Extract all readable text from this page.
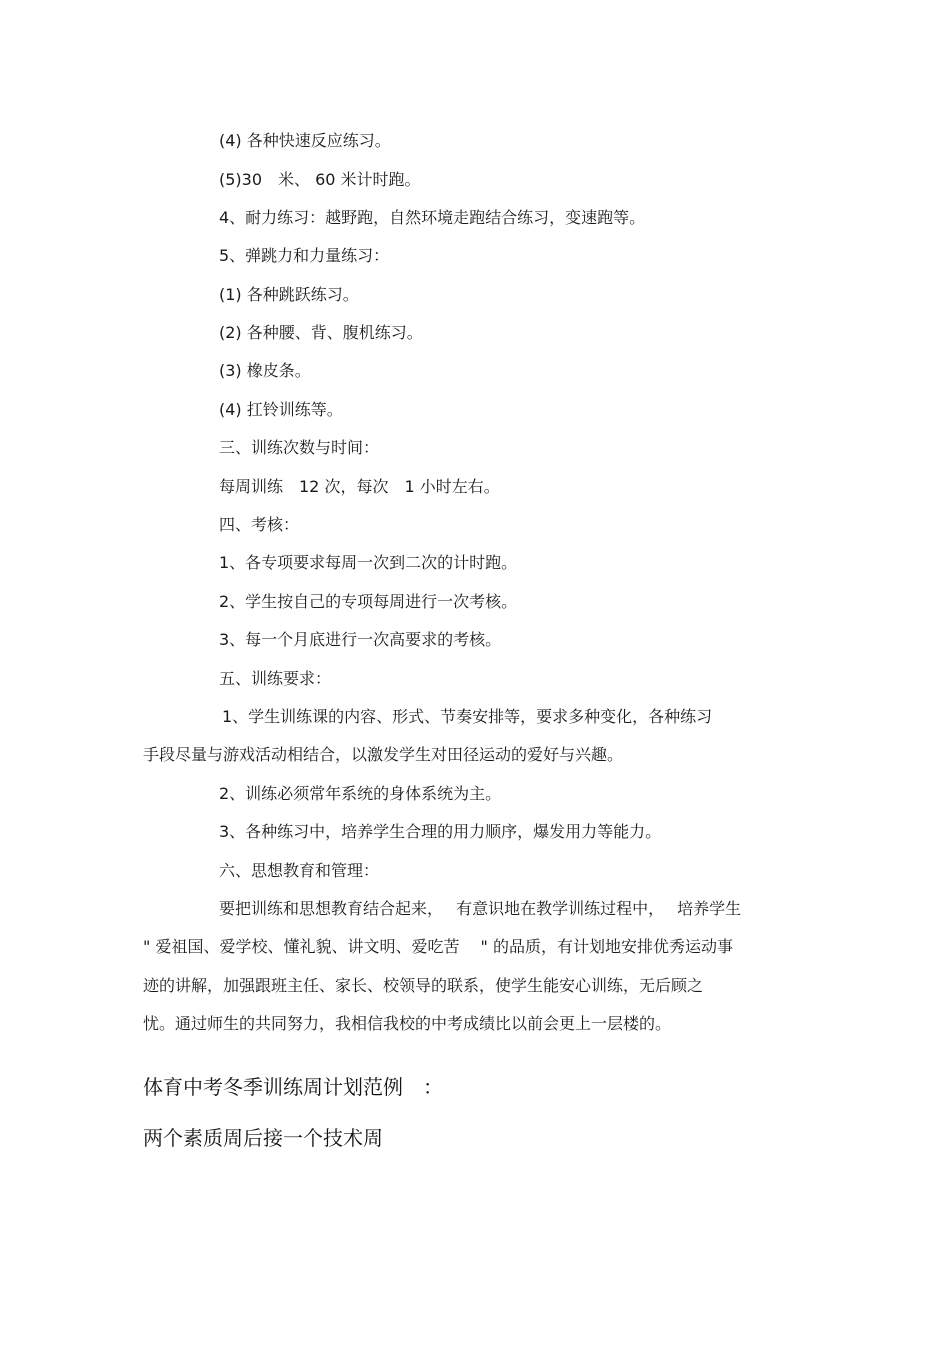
(4) 各种快速反应练习。
(5)30　米、 60 米计时跑。
4、耐力练习：越野跑，自然环境走跑结合练习，变速跑等。
5、弹跳力和力量练习：
(1) 各种跳跃练习。
(2) 各种腰、背、腹机练习。
(3) 橡皮条。
(4) 扛铃训练等。
三、训练次数与时间：
每周训练　12 次，每次　1 小时左右。
四、考核：
1、各专项要求每周一次到二次的计时跑。
2、学生按自己的专项每周进行一次考核。
3、每一个月底进行一次高要求的考核。
五、训练要求：
1、学生训练课的内容、形式、节奏安排等，要求多种变化，各种练习
手段尽量与游戏活动相结合，以激发学生对田径运动的爱好与兴趣。
2、训练必须常年系统的身体系统为主。
3、各种练习中，培养学生合理的用力顺序，爆发用力等能力。
六、思想教育和管理：
要把训练和思想教育结合起来，　 有意识地在教学训练过程中，　 培养学生
" 爱祖国、爱学校、懂礼貌、讲文明、爱吃苦　 " 的品质，有计划地安排优秀运动事
迹的讲解，加强跟班主任、家长、校领导的联系，使学生能安心训练，无后顾之
忧。通过师生的共同努力，我相信我校的中考成绩比以前会更上一层楼的。
体育中考冬季训练周计划范例　：
两个素质周后接一个技术周
